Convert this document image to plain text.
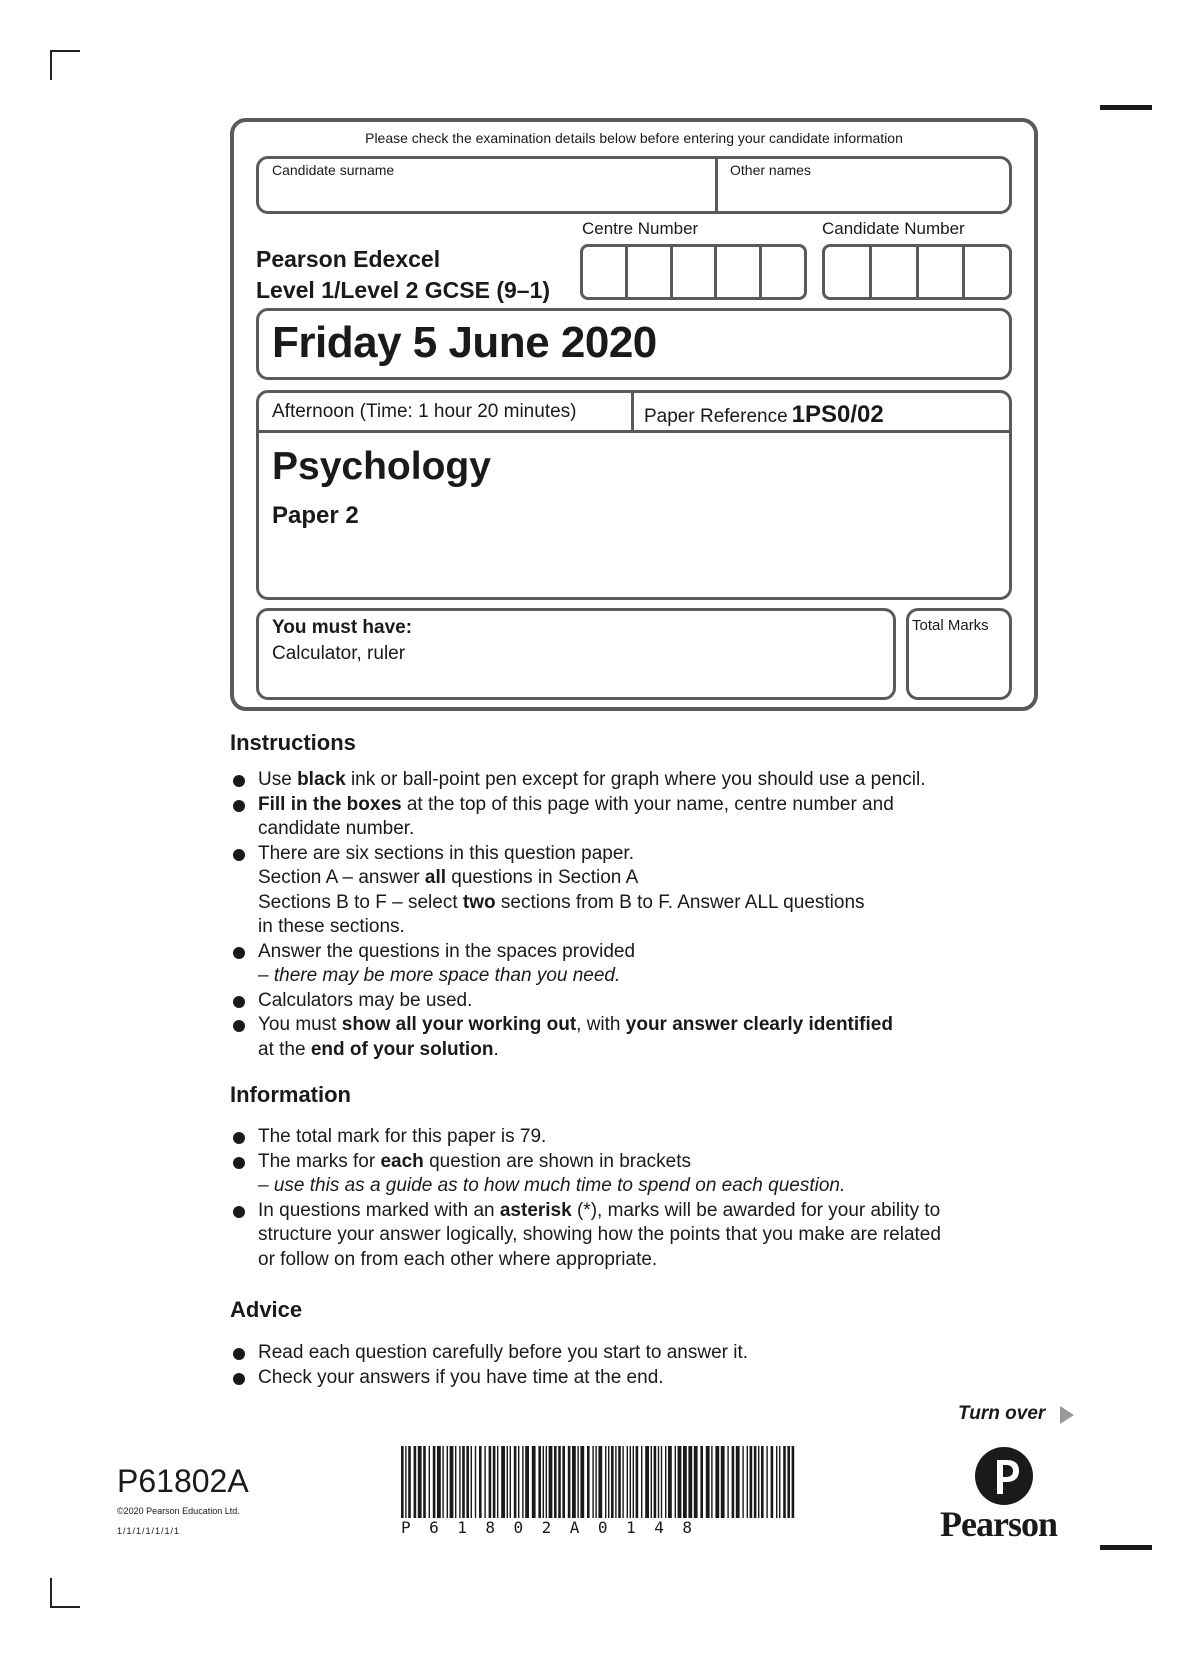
Please check the examination details below before entering your candidate information
Candidate surname	Other names
Centre Number	Candidate Number
Pearson Edexcel
Level 1/Level 2 GCSE (9–1)
Friday 5 June 2020
Afternoon (Time: 1 hour 20 minutes)	Paper Reference 1PS0/02
Psychology
Paper 2
You must have:
Calculator, ruler
Total Marks
Instructions
Use black ink or ball-point pen except for graph where you should use a pencil.
Fill in the boxes at the top of this page with your name, centre number and
candidate number.
There are six sections in this question paper.
Section A – answer all questions in Section A
Sections B to F – select two sections from B to F. Answer ALL questions
in these sections.
Answer the questions in the spaces provided
– there may be more space than you need.
Calculators may be used.
You must show all your working out, with your answer clearly identified
at the end of your solution.
Information
The total mark for this paper is 79.
The marks for each question are shown in brackets
– use this as a guide as to how much time to spend on each question.
In questions marked with an asterisk (*), marks will be awarded for your ability to
structure your answer logically, showing how the points that you make are related
or follow on from each other where appropriate.
Advice
Read each question carefully before you start to answer it.
Check your answers if you have time at the end.
Turn over
P61802A
©2020 Pearson Education Ltd.
1/1/1/1/1/1/1	P61802A0148	Pearson
